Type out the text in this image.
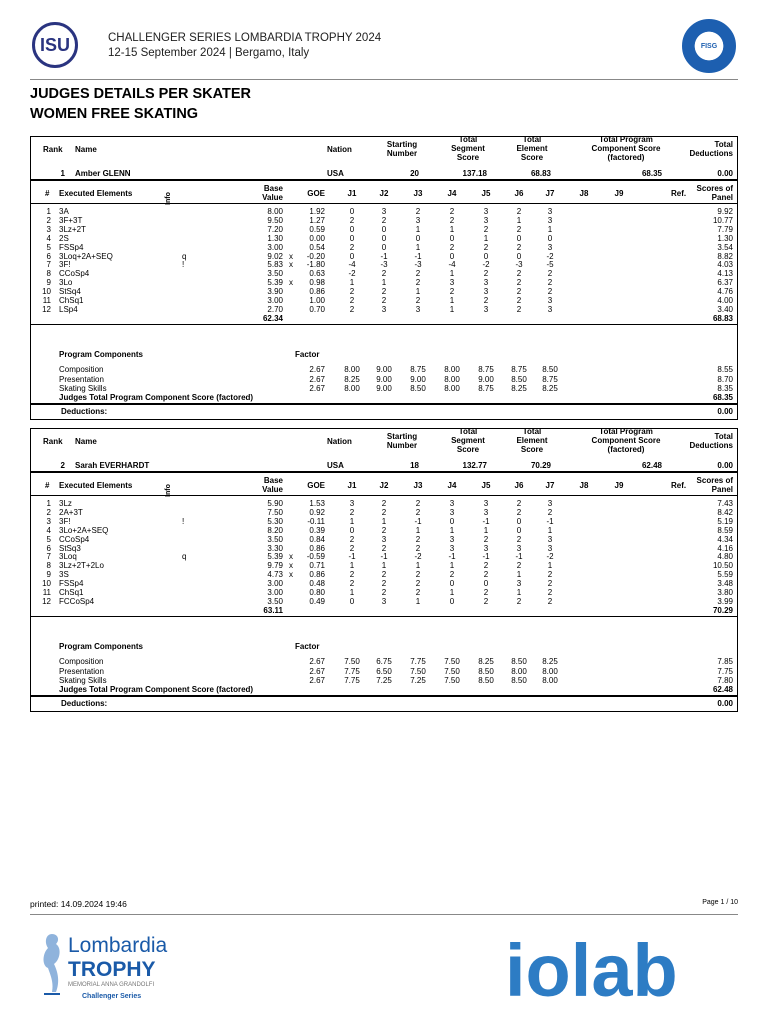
ISU	CHALLENGER SERIES LOMBARDIA TROPHY 2024
12-15 September 2024 | Bergamo, Italy
FISG
JUDGES DETAILS PER SKATER
WOMEN FREE SKATING
Rank Name	Nation
Starting
Number
Total
Segment
Score
Total
Element
Score
Total Program
Component Score
(factored)
Total
Deductions
1 Amber GLENN	USA	20	137.18	68.83	68.35	0.00
# Executed Elements	Info
Base
Value	GOE	J1	J2	J3	J4	J5	J6	J7	J8	J9	Ref.
Scores of
Panel
1 3A	8.00	1.92	0	3	2	2	3	2	3	9.92
2 3F+3T	9.50	1.27	2	2	3	2	3	1	3	10.77
3 3Lz+2T	7.20	0.59	0	0	1	1	2	2	1	7.79
4 2S	1.30	0.00	0	0	0	0	1	0	0	1.30
5 FSSp4	3.00	0.54	2	0	1	2	2	2	3	3.54
6 3Loq+2A+SEQ	q	9.02 x	-0.20	0	-1	-1	0	0	0	-2	8.82
7 3F!	!	5.83 x	-1.80	-4	-3	-3	-4	-2	-3	-5	4.03
8 CCoSp4	3.50	0.63	-2	2	2	1	2	2	2	4.13
9 3Lo	5.39 x	0.98	1	1	2	3	3	2	2	6.37
10 StSq4	3.90	0.86	2	2	1	2	3	2	2	4.76
11 ChSq1	3.00	1.00	2	2	2	1	2	2	3	4.00
12 LSp4	2.70	0.70	2	3	3	1	3	2	3	3.40
62.34	68.83
Program Components	Factor
Composition	2.67	8.00	9.00	8.75	8.00	8.75	8.75	8.50	8.55
Presentation	2.67	8.25	9.00	9.00	8.00	9.00	8.50	8.75	8.70
Skating Skills	2.67	8.00	9.00	8.50	8.00	8.75	8.25	8.25	8.35
Judges Total Program Component Score (factored)	68.35
Deductions:	0.00
Rank Name	Nation
Starting
Number
Total
Segment
Score
Total
Element
Score
Total Program
Component Score
(factored)
Total
Deductions
2 Sarah EVERHARDT	USA	18	132.77	70.29	62.48	0.00
# Executed Elements	Info
Base
Value	GOE	J1	J2	J3	J4	J5	J6	J7	J8	J9	Ref.
Scores of
Panel
1 3Lz	5.90	1.53	3	2	2	3	3	2	3	7.43
2 2A+3T	7.50	0.92	2	2	2	3	3	2	2	8.42
3 3F!	!	5.30	-0.11	1	1	-1	0	-1	0	-1	5.19
4 3Lo+2A+SEQ	8.20	0.39	0	2	1	1	1	0	1	8.59
5 CCoSp4	3.50	0.84	2	3	2	3	2	2	3	4.34
6 StSq3	3.30	0.86	2	2	2	3	3	3	3	4.16
7 3Loq	q	5.39 x	-0.59	-1	-1	-2	-1	-1	-1	-2	4.80
8 3Lz+2T+2Lo	9.79 x	0.71	1	1	1	1	2	2	1	10.50
9 3S	4.73 x	0.86	2	2	2	2	2	1	2	5.59
10 FSSp4	3.00	0.48	2	2	2	0	0	3	2	3.48
11 ChSq1	3.00	0.80	1	2	2	1	2	1	2	3.80
12 FCCoSp4	3.50	0.49	0	3	1	0	2	2	2	3.99
63.11	70.29
Program Components	Factor
Composition	2.67	7.50	6.75	7.75	7.50	8.25	8.50	8.25	7.85
Presentation	2.67	7.75	6.50	7.50	7.50	8.50	8.00	8.00	7.75
Skating Skills	2.67	7.75	7.25	7.25	7.50	8.50	8.50	8.00	7.80
Judges Total Program Component Score (factored)	62.48
Deductions:	0.00
printed: 14.09.2024 19:46	Page 1 / 10
Lombardia
TROPHY
MEMORIAL ANNA GRANDOLFI
Challenger Series	iolab
